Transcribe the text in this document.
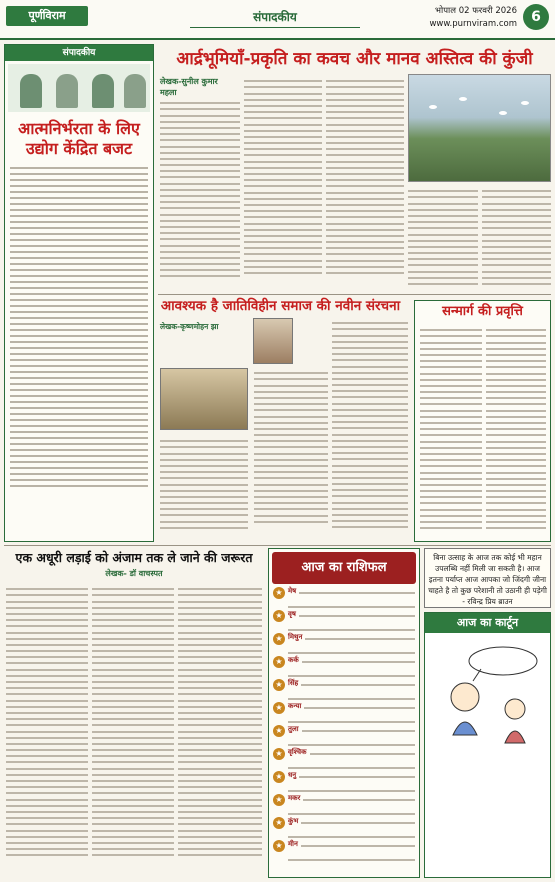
पूर्णविराम	संपादकीय	भोपाल 02 फरवरी 2026
www.purnviram.com	6
संपादकीय
आत्मनिर्भरता के लिए उद्योग केंद्रित बजट
आर्द्रभूमियाँ-प्रकृति का कवच और मानव अस्तित्व की कुंजी
लेखक-सुनील कुमार महला
आवश्यक है जातिविहीन समाज की नवीन संरचना
लेखक-कृष्णमोहन झा
सन्मार्ग की प्रवृत्ति
एक अधूरी लड़ाई को अंजाम तक ले जाने की जरूरत
लेखक- डॉ वाचस्पत	आज का राशिफल
★ मेष
★ वृष
★ मिथुन
★ कर्क
★ सिंह
★ कन्या
★ तुला
★ वृश्चिक
★ धनु
★ मकर
★ कुंभ
★ मीन
बिना उत्साह के आज तक कोई भी महान उपलब्धि नहीं मिली जा सकती है। आज इतना पर्याप्त आज आपका जो जिंदगी जीना चाहते है तो कुछ परेशानी तो उठानी ही पड़ेगी - रविन्द्र प्रिय ब्राउन
आज का कार्टून
